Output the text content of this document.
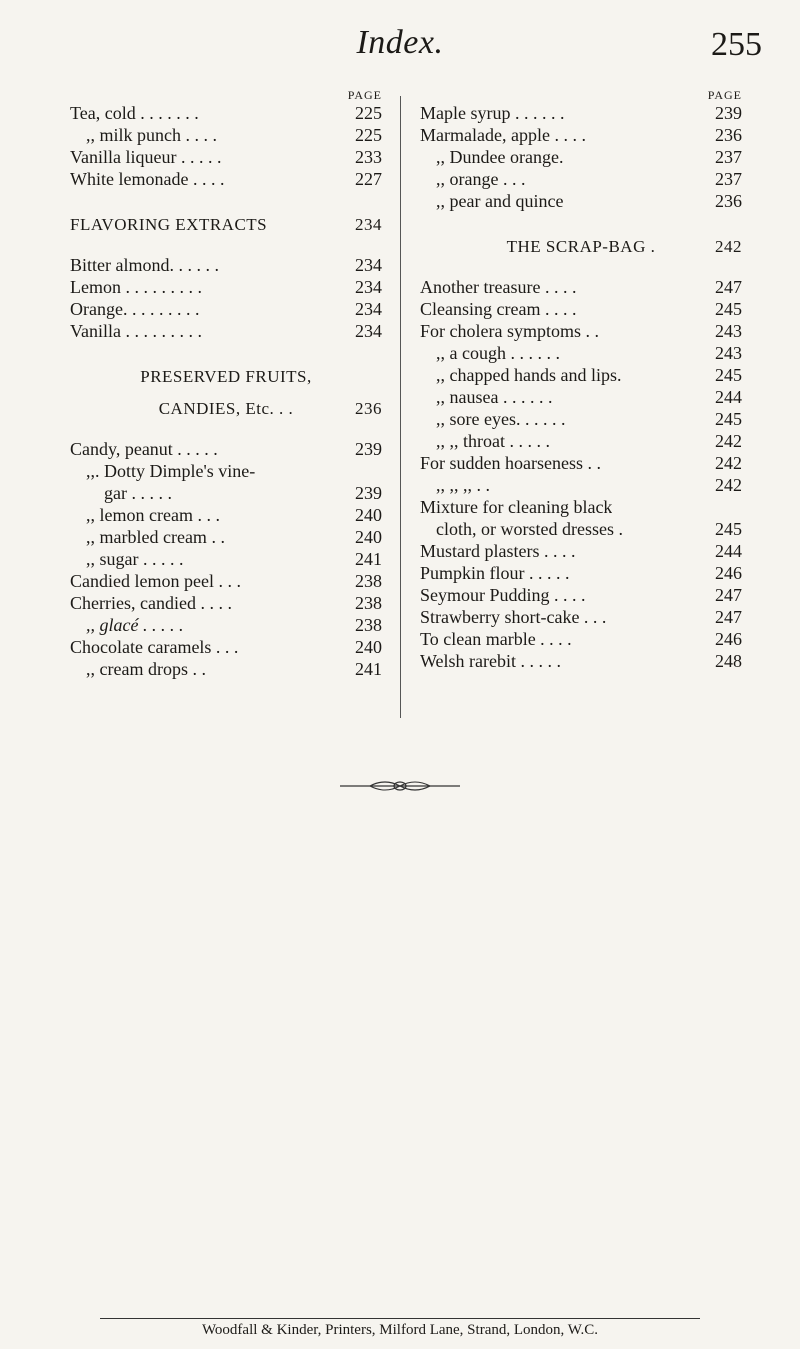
Index.	255
PAGE
Tea, cold . . . . . . .	225
,, milk punch . . . .	225
Vanilla liqueur . . . . .	233
White lemonade . . . .	227
FLAVORING EXTRACTS	234
Bitter almond. . . . . .	234
Lemon . . . . . . . . .	234
Orange. . . . . . . . .	234
Vanilla . . . . . . . . .	234
PRESERVED FRUITS,
CANDIES, Etc. . .	236
Candy, peanut . . . . .	239
,,. Dotty Dimple's vine-
gar . . . . .	239
,, lemon cream . . .	240
,, marbled cream . .	240
,, sugar . . . . .	241
Candied lemon peel . . .	238
Cherries, candied . . . .	238
,, glacé . . . . .	238
Chocolate caramels . . .	240
,, cream drops . .	241
PAGE
Maple syrup . . . . . .	239
Marmalade, apple . . . .	236
,, Dundee orange.	237
,, orange . . .	237
,, pear and quince	236
THE SCRAP-BAG .	242
Another treasure . . . .	247
Cleansing cream . . . .	245
For cholera symptoms . .	243
,, a cough . . . . . .	243
,, chapped hands and lips.	245
,, nausea . . . . . .	244
,, sore eyes. . . . . .	245
,, ,, throat . . . . .	242
For sudden hoarseness . .	242
,, ,, ,, . .	242
Mixture for cleaning black
cloth, or worsted dresses .	245
Mustard plasters . . . .	244
Pumpkin flour . . . . .	246
Seymour Pudding . . . .	247
Strawberry short-cake . . .	247
To clean marble . . . .	246
Welsh rarebit . . . . .	248
Woodfall & Kinder, Printers, Milford Lane, Strand, London, W.C.
